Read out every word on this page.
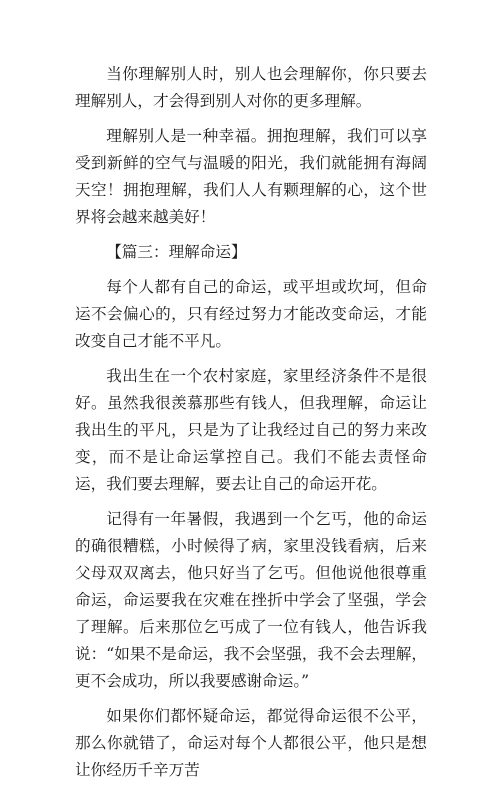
当你理解别人时，别人也会理解你，你只要去理解别人，才会得到别人对你的更多理解。

理解别人是一种幸福。拥抱理解，我们可以享受到新鲜的空气与温暖的阳光，我们就能拥有海阔天空！拥抱理解，我们人人有颗理解的心，这个世界将会越来越美好！

【篇三：理解命运】

每个人都有自己的命运，或平坦或坎坷，但命运不会偏心的，只有经过努力才能改变命运，才能改变自己才能不平凡。

我出生在一个农村家庭，家里经济条件不是很好。虽然我很羡慕那些有钱人，但我理解，命运让我出生的平凡，只是为了让我经过自己的努力来改变，而不是让命运掌控自己。我们不能去责怪命运，我们要去理解，要去让自己的命运开花。

记得有一年暑假，我遇到一个乞丐，他的命运的确很糟糕，小时候得了病，家里没钱看病，后来父母双双离去，他只好当了乞丐。但他说他很尊重命运，命运要我在灾难在挫折中学会了坚强，学会了理解。后来那位乞丐成了一位有钱人，他告诉我说：“如果不是命运，我不会坚强，我不会去理解，更不会成功，所以我要感谢命运。”

如果你们都怀疑命运，都觉得命运很不公平，那么你就错了，命运对每个人都很公平，他只是想让你经历千辛万苦
